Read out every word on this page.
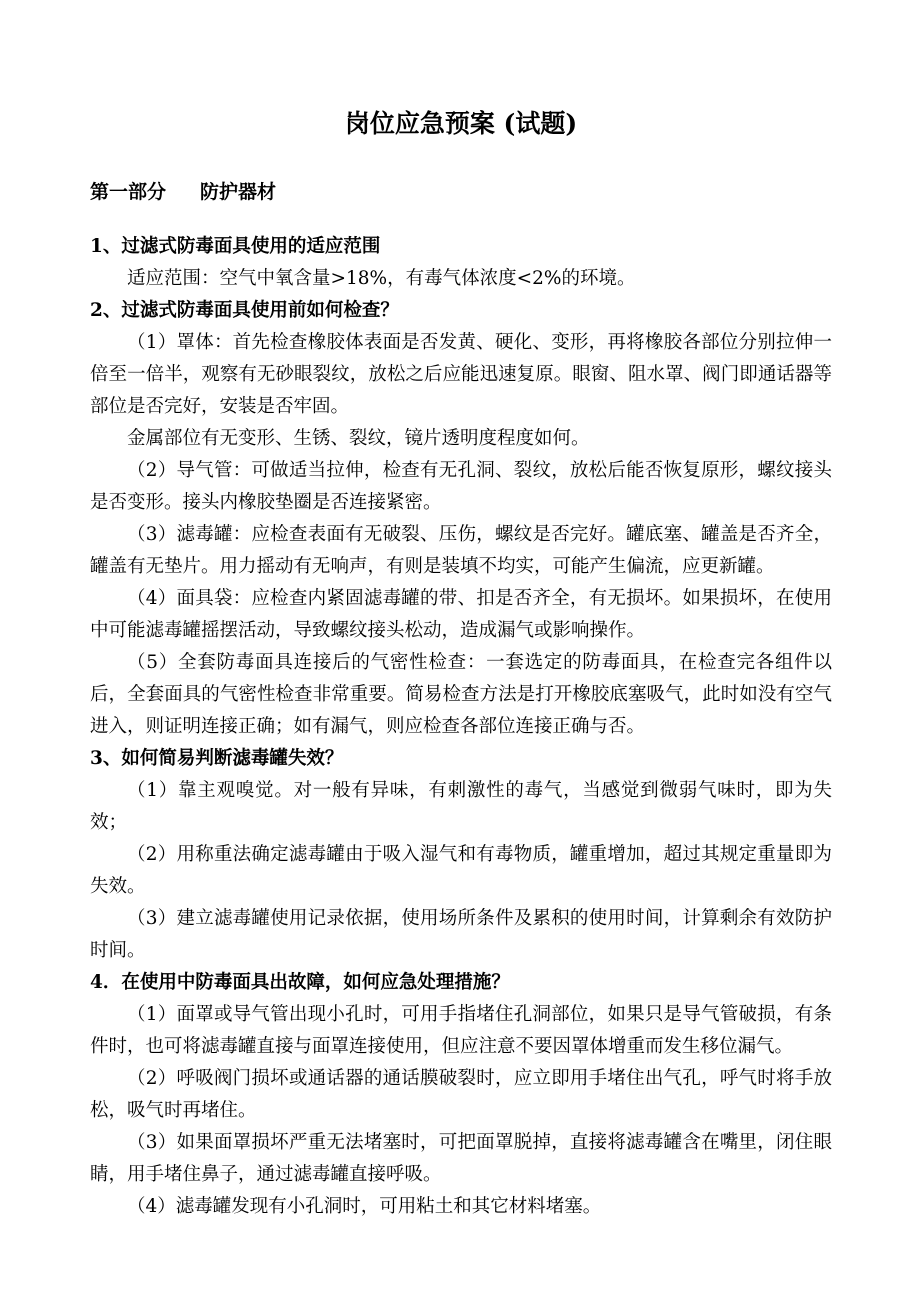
岗位应急预案 (试题)
第一部分 防护器材

1、过滤式防毒面具使用的适应范围

适应范围：空气中氧含量>18%，有毒气体浓度<2%的环境。

2、过滤式防毒面具使用前如何检查？

（1）罩体：首先检查橡胶体表面是否发黄、硬化、变形，再将橡胶各部位分别拉伸一倍至一倍半，观察有无砂眼裂纹，放松之后应能迅速复原。眼窗、阻水罩、阀门即通话器等部位是否完好，安装是否牢固。

金属部位有无变形、生锈、裂纹，镜片透明度程度如何。

（2）导气管：可做适当拉伸，检查有无孔洞、裂纹，放松后能否恢复原形，螺纹接头是否变形。接头内橡胶垫圈是否连接紧密。

（3）滤毒罐：应检查表面有无破裂、压伤，螺纹是否完好。罐底塞、罐盖是否齐全，罐盖有无垫片。用力摇动有无响声，有则是装填不均实，可能产生偏流，应更新罐。

（4）面具袋：应检查内紧固滤毒罐的带、扣是否齐全，有无损坏。如果损坏，在使用中可能滤毒罐摇摆活动，导致螺纹接头松动，造成漏气或影响操作。

（5）全套防毒面具连接后的气密性检查：一套选定的防毒面具，在检查完各组件以后，全套面具的气密性检查非常重要。简易检查方法是打开橡胶底塞吸气，此时如没有空气进入，则证明连接正确；如有漏气，则应检查各部位连接正确与否。

3、如何简易判断滤毒罐失效？

（1）靠主观嗅觉。对一般有异味，有刺激性的毒气，当感觉到微弱气味时，即为失效；

（2）用称重法确定滤毒罐由于吸入湿气和有毒物质，罐重增加，超过其规定重量即为失效。

（3）建立滤毒罐使用记录依据，使用场所条件及累积的使用时间，计算剩余有效防护时间。

4．在使用中防毒面具出故障，如何应急处理措施？

（1）面罩或导气管出现小孔时，可用手指堵住孔洞部位，如果只是导气管破损，有条件时，也可将滤毒罐直接与面罩连接使用，但应注意不要因罩体增重而发生移位漏气。

（2）呼吸阀门损坏或通话器的通话膜破裂时，应立即用手堵住出气孔，呼气时将手放松，吸气时再堵住。

（3）如果面罩损坏严重无法堵塞时，可把面罩脱掉，直接将滤毒罐含在嘴里，闭住眼睛，用手堵住鼻子，通过滤毒罐直接呼吸。

（4）滤毒罐发现有小孔洞时，可用粘土和其它材料堵塞。
